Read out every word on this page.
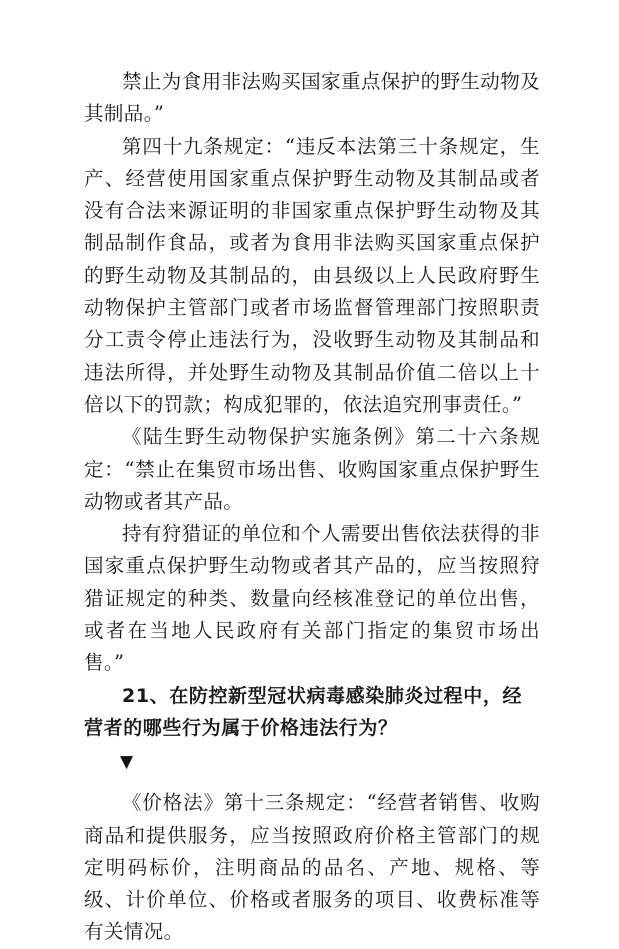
禁止为食用非法购买国家重点保护的野生动物及其制品。”

第四十九条规定：“违反本法第三十条规定，生产、经营使用国家重点保护野生动物及其制品或者没有合法来源证明的非国家重点保护野生动物及其制品制作食品，或者为食用非法购买国家重点保护的野生动物及其制品的，由县级以上人民政府野生动物保护主管部门或者市场监督管理部门按照职责分工责令停止违法行为，没收野生动物及其制品和违法所得，并处野生动物及其制品价值二倍以上十倍以下的罚款；构成犯罪的，依法追究刑事责任。”

《陆生野生动物保护实施条例》第二十六条规定：“禁止在集贸市场出售、收购国家重点保护野生动物或者其产品。

持有狩猎证的单位和个人需要出售依法获得的非国家重点保护野生动物或者其产品的，应当按照狩猎证规定的种类、数量向经核准登记的单位出售，或者在当地人民政府有关部门指定的集贸市场出售。”

21、在防控新型冠状病毒感染肺炎过程中，经营者的哪些行为属于价格违法行为？

▼

《价格法》第十三条规定：“经营者销售、收购商品和提供服务，应当按照政府价格主管部门的规定明码标价，注明商品的品名、产地、规格、等级、计价单位、价格或者服务的项目、收费标准等有关情况。
